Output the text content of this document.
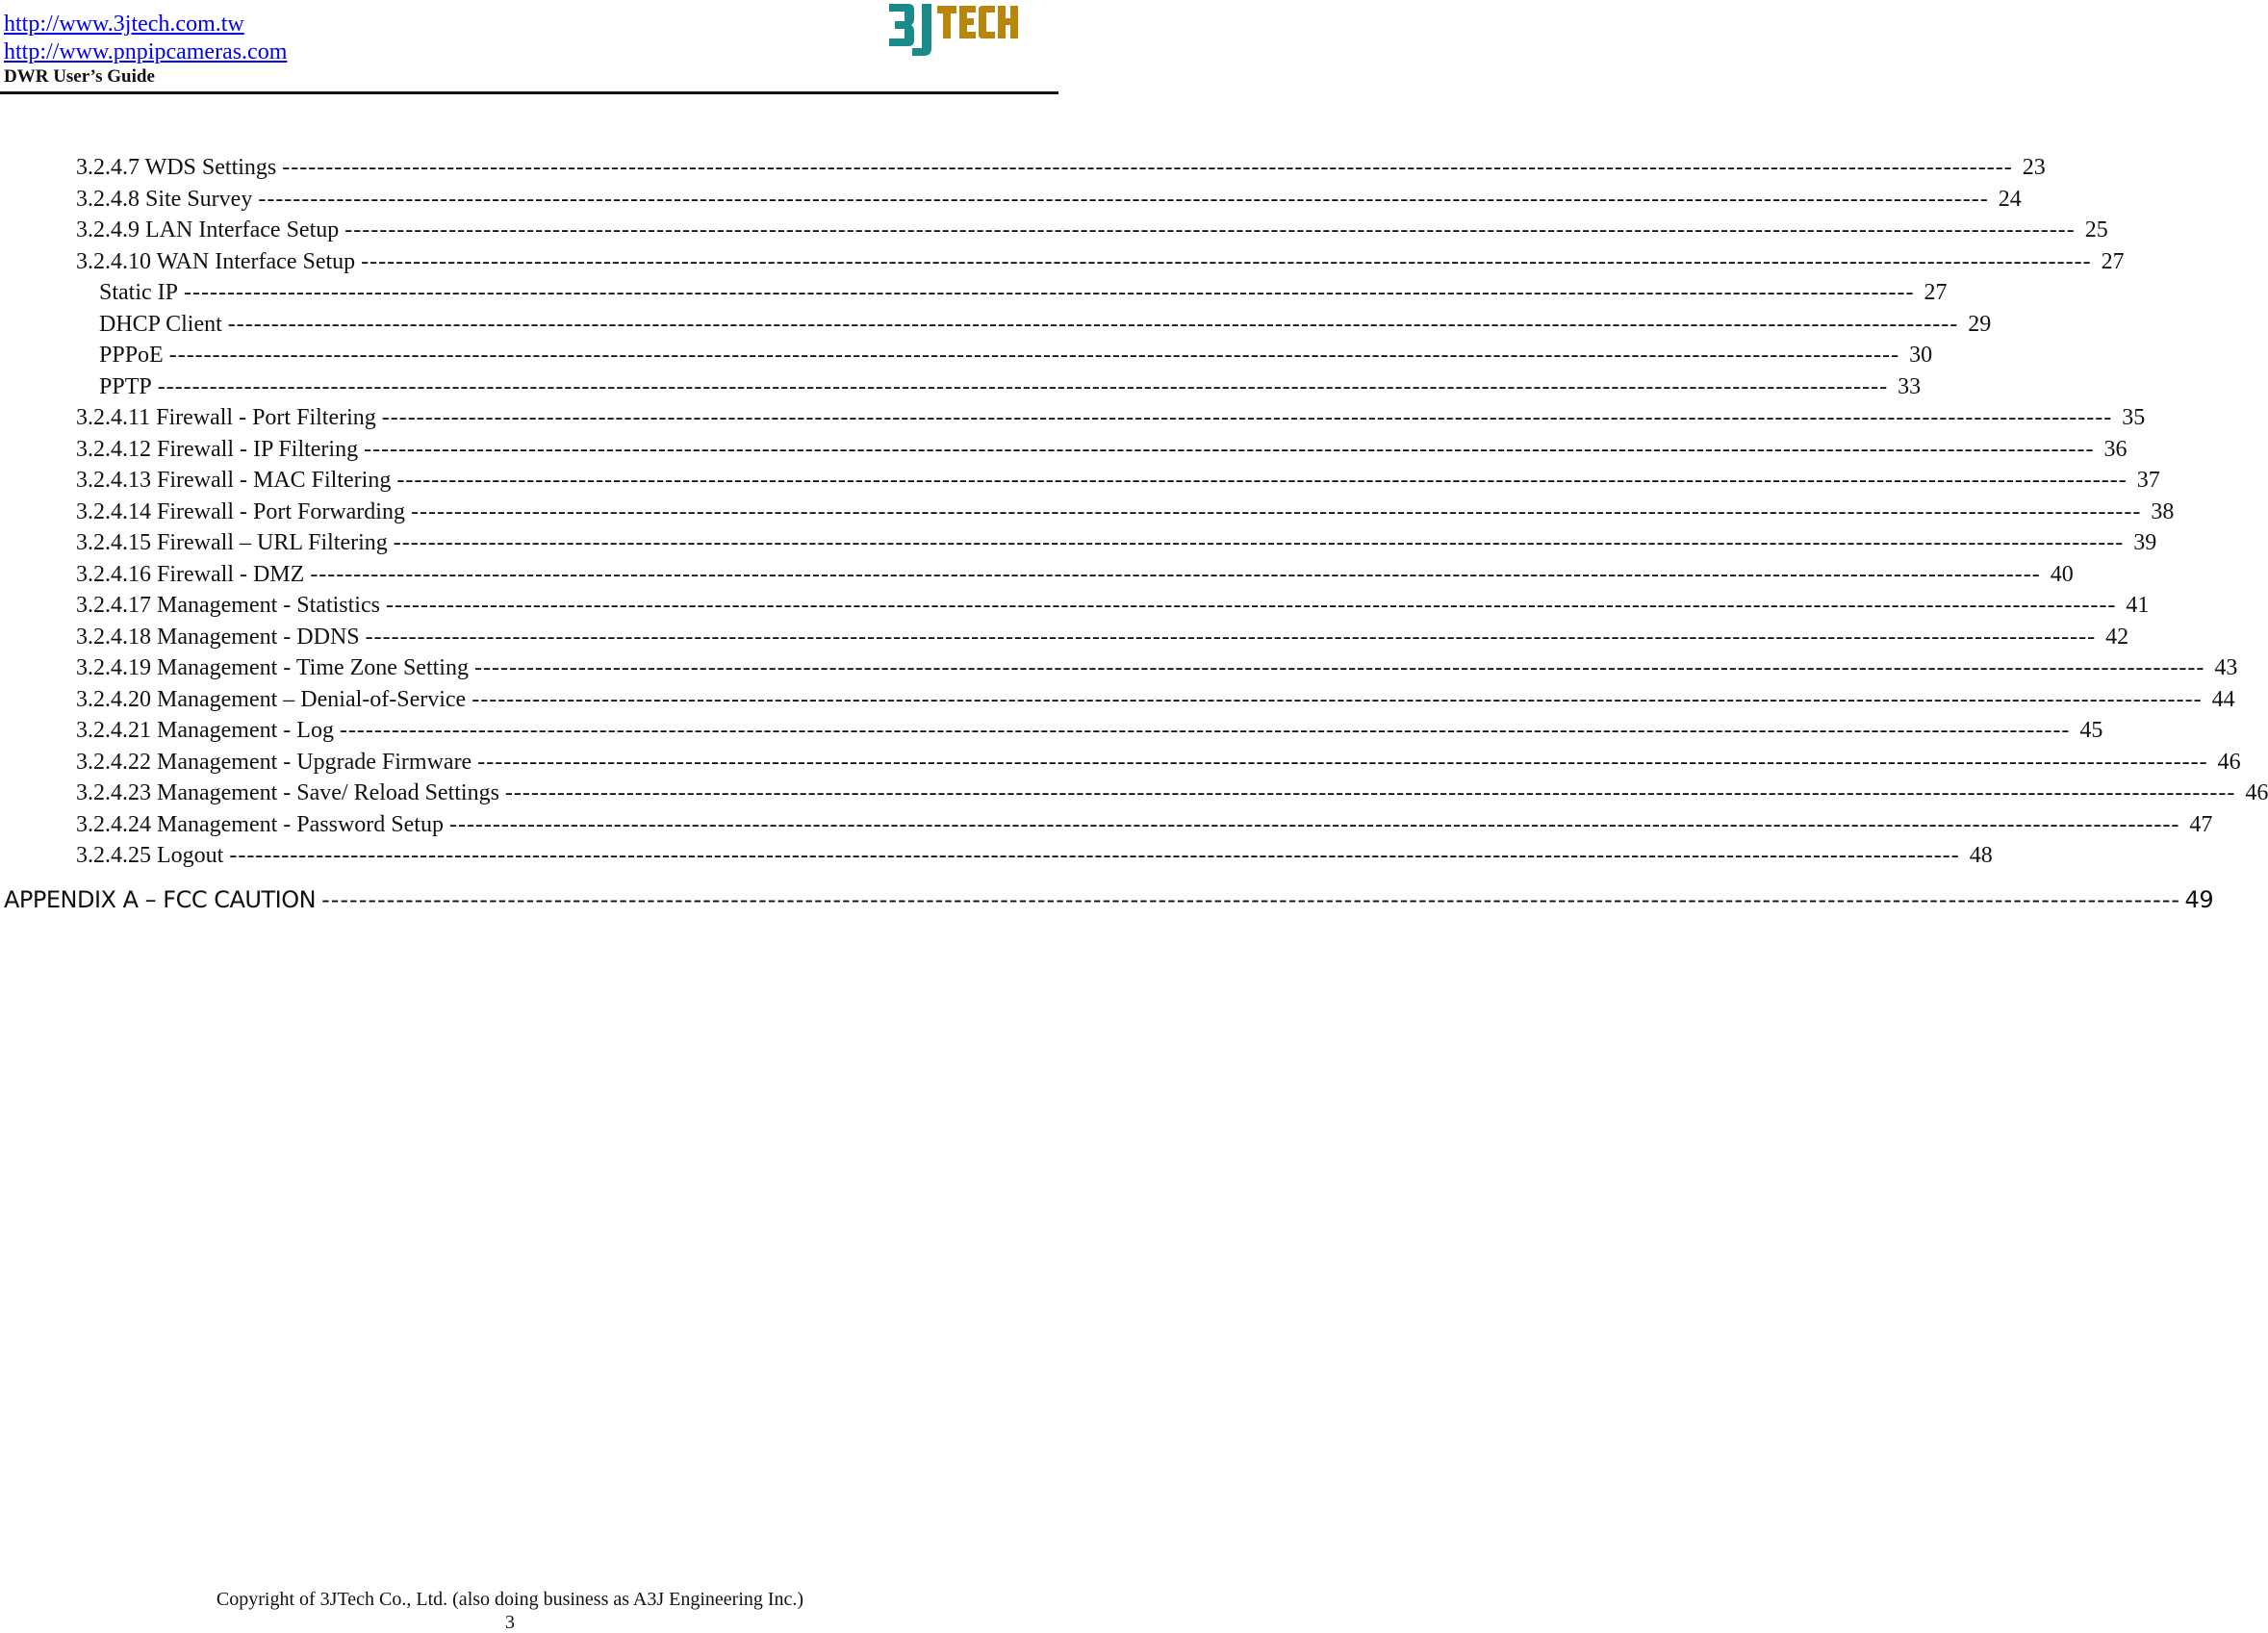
http://www.3jtech.com.tw
http://www.pnpipcameras.com
DWR User’s Guide
3.2.4.7 WDS Settings -------------------------------------------------------------------------------------------------------------------------------------------------------------------------------------------------------- 23
3.2.4.8 Site Survey -------------------------------------------------------------------------------------------------------------------------------------------------------------------------------------------------------- 24
3.2.4.9 LAN Interface Setup -------------------------------------------------------------------------------------------------------------------------------------------------------------------------------------------------------- 25
3.2.4.10 WAN Interface Setup -------------------------------------------------------------------------------------------------------------------------------------------------------------------------------------------------------- 27
Static IP -------------------------------------------------------------------------------------------------------------------------------------------------------------------------------------------------------- 27
DHCP Client -------------------------------------------------------------------------------------------------------------------------------------------------------------------------------------------------------- 29
PPPoE -------------------------------------------------------------------------------------------------------------------------------------------------------------------------------------------------------- 30
PPTP -------------------------------------------------------------------------------------------------------------------------------------------------------------------------------------------------------- 33
3.2.4.11 Firewall - Port Filtering -------------------------------------------------------------------------------------------------------------------------------------------------------------------------------------------------------- 35
3.2.4.12 Firewall - IP Filtering -------------------------------------------------------------------------------------------------------------------------------------------------------------------------------------------------------- 36
3.2.4.13 Firewall - MAC Filtering -------------------------------------------------------------------------------------------------------------------------------------------------------------------------------------------------------- 37
3.2.4.14 Firewall - Port Forwarding -------------------------------------------------------------------------------------------------------------------------------------------------------------------------------------------------------- 38
3.2.4.15 Firewall – URL Filtering -------------------------------------------------------------------------------------------------------------------------------------------------------------------------------------------------------- 39
3.2.4.16 Firewall - DMZ -------------------------------------------------------------------------------------------------------------------------------------------------------------------------------------------------------- 40
3.2.4.17 Management - Statistics -------------------------------------------------------------------------------------------------------------------------------------------------------------------------------------------------------- 41
3.2.4.18 Management - DDNS -------------------------------------------------------------------------------------------------------------------------------------------------------------------------------------------------------- 42
3.2.4.19 Management - Time Zone Setting -------------------------------------------------------------------------------------------------------------------------------------------------------------------------------------------------------- 43
3.2.4.20 Management – Denial-of-Service -------------------------------------------------------------------------------------------------------------------------------------------------------------------------------------------------------- 44
3.2.4.21 Management - Log -------------------------------------------------------------------------------------------------------------------------------------------------------------------------------------------------------- 45
3.2.4.22 Management - Upgrade Firmware -------------------------------------------------------------------------------------------------------------------------------------------------------------------------------------------------------- 46
3.2.4.23 Management - Save/ Reload Settings -------------------------------------------------------------------------------------------------------------------------------------------------------------------------------------------------------- 46
3.2.4.24 Management - Password Setup -------------------------------------------------------------------------------------------------------------------------------------------------------------------------------------------------------- 47
3.2.4.25 Logout -------------------------------------------------------------------------------------------------------------------------------------------------------------------------------------------------------- 48
APPENDIX A – FCC CAUTION -------------------------------------------------------------------------------------------------------------------------------------------------------------------------------------------------------- 49
Copyright of 3JTech Co., Ltd. (also doing business as A3J Engineering Inc.)
3
